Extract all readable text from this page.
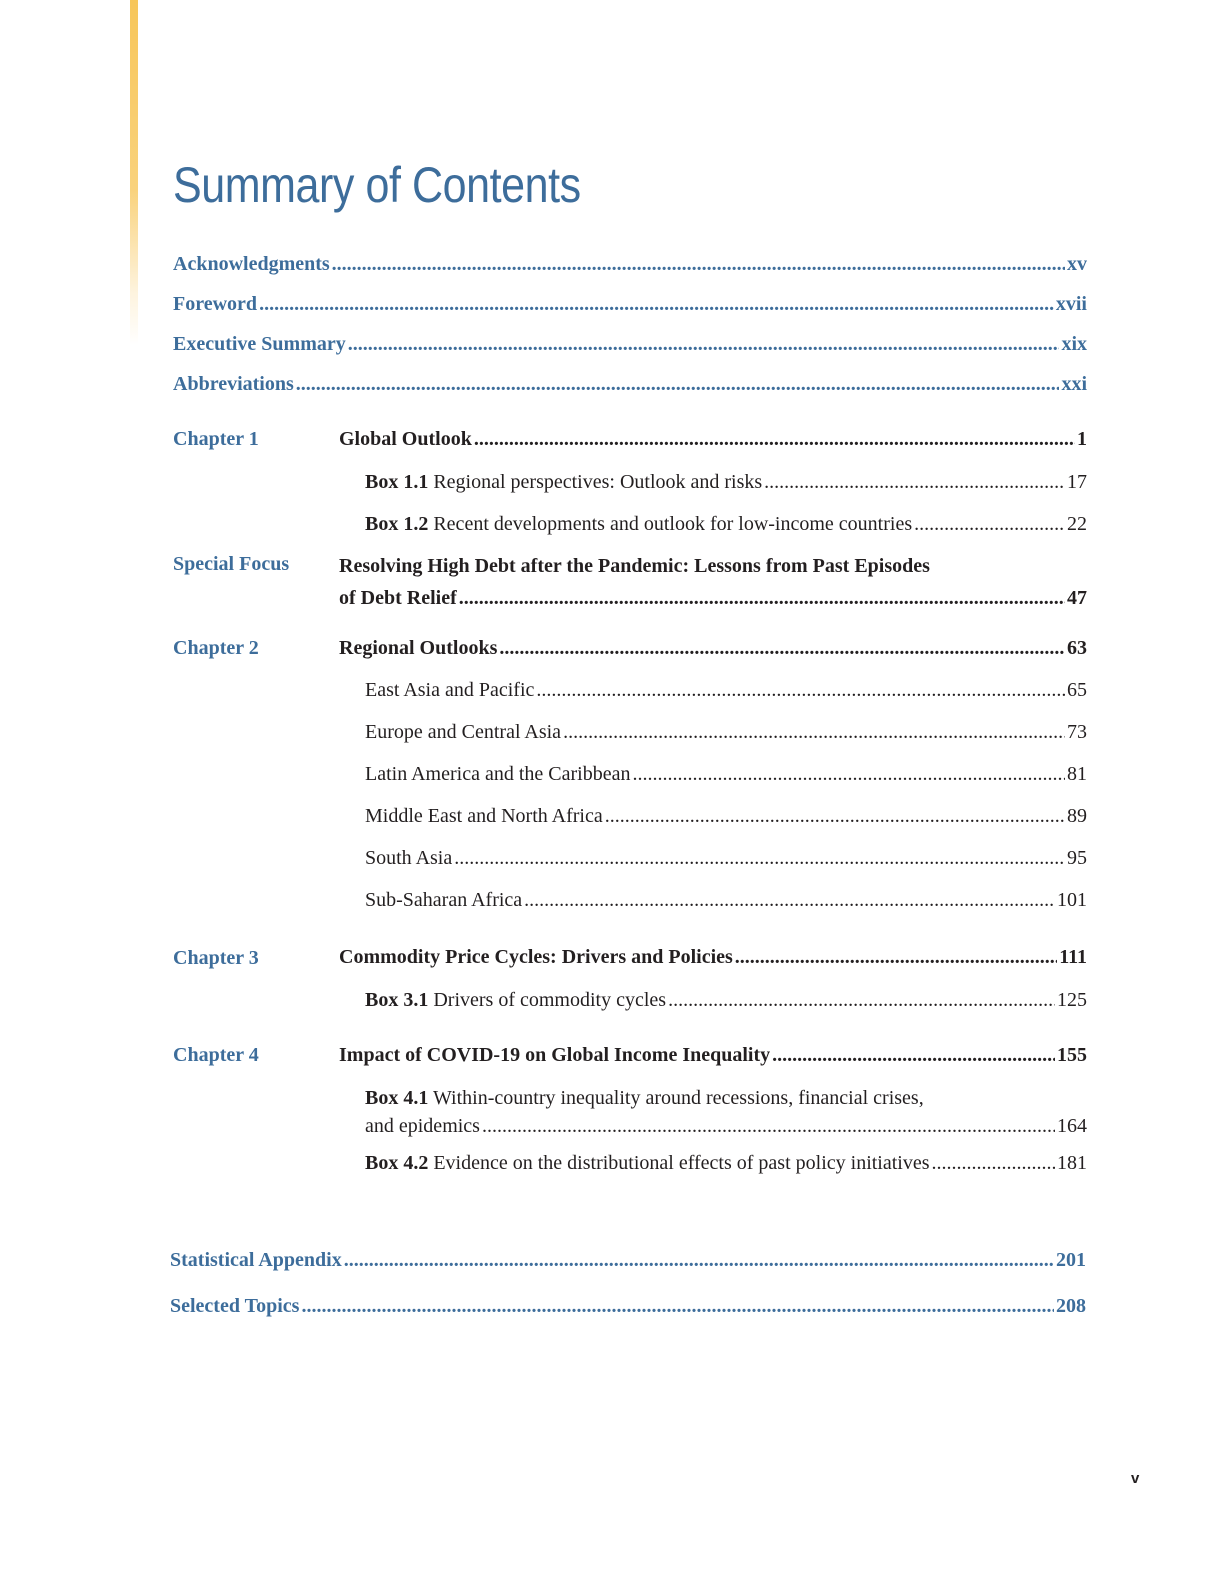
Summary of Contents
Acknowledgments .....	xv
Foreword .....	xvii
Executive Summary .....	xix
Abbreviations .....	xxi
Chapter 1	Global Outlook .....	1
Box 1.1 Regional perspectives: Outlook and risks .....	17
Box 1.2 Recent developments and outlook for low-income countries .....	22
Special Focus Resolving High Debt after the Pandemic: Lessons from Past Episodes
of Debt Relief .....	47
Chapter 2	Regional Outlooks .....	63
East Asia and Pacific .....	65
Europe and Central Asia .....	73
Latin America and the Caribbean .....	81
Middle East and North Africa .....	89
South Asia .....	95
Sub-Saharan Africa .....	101
Chapter 3	Commodity Price Cycles: Drivers and Policies .....	111
Box 3.1 Drivers of commodity cycles .....	125
Chapter 4	Impact of COVID-19 on Global Income Inequality .....	155
Box 4.1 Within-country inequality around recessions, financial crises,
and epidemics .....	164
Box 4.2 Evidence on the distributional effects of past policy initiatives .....	181
Statistical Appendix .....	201
Selected Topics .....	208
v
